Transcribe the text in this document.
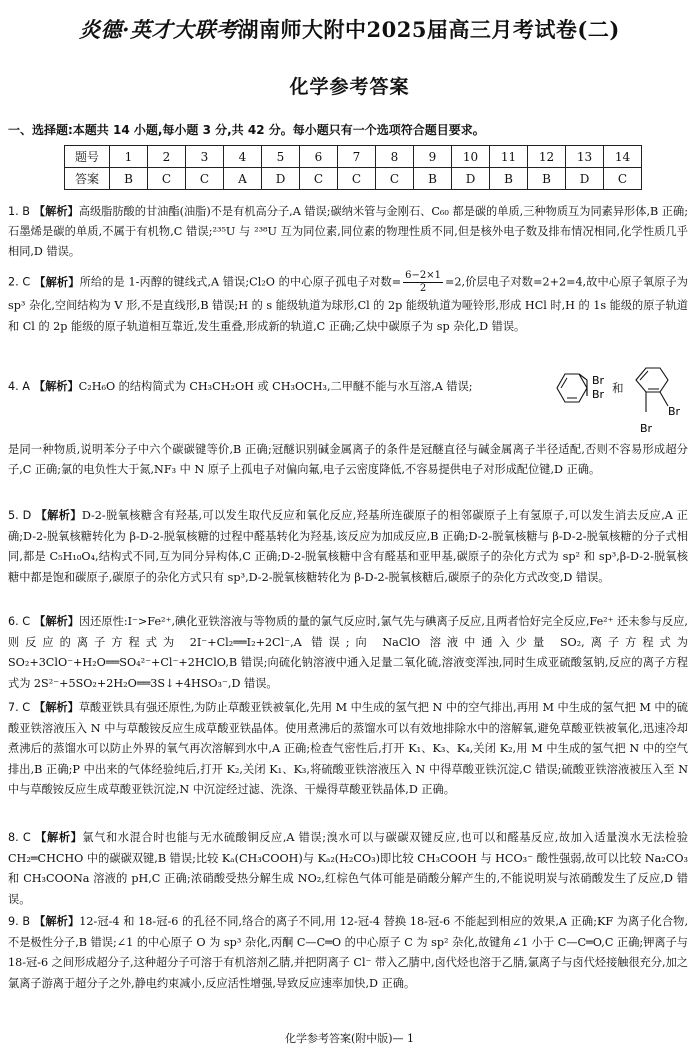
炎德·英才大联考湖南师大附中2025届高三月考试卷(二)
化学参考答案
一、选择题:本题共 14 小题,每小题 3 分,共 42 分。每小题只有一个选项符合题目要求。
题号	1	2	3	4	5	6	7	8	9	10	11	12	13	14
答案	B	C	C	A	D	C	C	C	B	D	B	B	D	C
1. B 【解析】高级脂肪酸的甘油酯(油脂)不是有机高分子,A 错误;碳纳米管与金刚石、C₆₀ 都是碳的单质,三种物质互为同素异形体,B 正确;石墨烯是碳的单质,不属于有机物,C 错误;²³⁵U 与 ²³⁸U 互为同位素,同位素的物理性质不同,但是核外电子数及排布情况相同,化学性质几乎相同,D 错误。
2. C 【解析】所给的是 1-丙醇的键线式,A 错误;Cl₂O 的中心原子孤电子对数= $\frac{6-2\times 1}{2} =2$,价层电子对数=2+2=4,故中心原子氧原子为 sp³ 杂化,空间结构为 V 形,不是直线形,B 错误;H 的 s 能级轨道为球形,Cl 的 2p 能级轨道为哑铃形,形成 HCl 时,H 的 1s 能级的原子轨道和 Cl 的 2p 能级的原子轨道相互靠近,发生重叠,形成新的轨道,C 正确;乙炔中碳原子为 sp 杂化,D 错误。
4. A 【解析】C₂H₆O 的结构简式为 CH₃CH₂OH 或 CH₃OCH₃,二甲醚不能与水互溶,A 错误;	Br
Br 和
Br
Br
是同一种物质,说明苯分子中六个碳碳键等价,B 正确;冠醚识别碱金属离子的条件是冠醚直径与碱金属离子半径适配,否则不容易形成超分子,C 正确;氯的电负性大于氮,NF₃ 中 N 原子上孤电子对偏向氟,电子云密度降低,不容易提供电子对形成配位键,D 正确。
5. D 【解析】D-2-脱氧核糖含有羟基,可以发生取代反应和氧化反应,羟基所连碳原子的相邻碳原子上有氢原子,可以发生消去反应,A 正确;D-2-脱氧核糖转化为 β-D-2-脱氧核糖的过程中醛基转化为羟基,该反应为加成反应,B 正确;D-2-脱氧核糖与 β-D-2-脱氧核糖的分子式相同,都是 C₅H₁₀O₄,结构式不同,互为同分异构体,C 正确;D-2-脱氧核糖中含有醛基和亚甲基,碳原子的杂化方式为 sp² 和 sp³,β-D-2-脱氧核糖中都是饱和碳原子,碳原子的杂化方式只有 sp³,D-2-脱氧核糖转化为 β-D-2-脱氧核糖后,碳原子的杂化方式改变,D 错误。
6. C 【解析】因还原性:I⁻>Fe²⁺,碘化亚铁溶液与等物质的量的氯气反应时,氯气先与碘离子反应,且两者恰好完全反应,Fe²⁺ 还未参与反应,则反应的离子方程式为 2I⁻+Cl₂══I₂+2Cl⁻,A 错误;向 NaClO 溶液中通入少量 SO₂,离子方程式为 SO₂+3ClO⁻+H₂O══SO₄²⁻+Cl⁻+2HClO,B 错误;向硫化钠溶液中通入足量二氧化硫,溶液变浑浊,同时生成亚硫酸氢钠,反应的离子方程式为 2S²⁻+5SO₂+2H₂O══3S↓+4HSO₃⁻,D 错误。
7. C 【解析】草酸亚铁具有强还原性,为防止草酸亚铁被氧化,先用 M 中生成的氢气把 N 中的空气排出,再用 M 中生成的氢气把 M 中的硫酸亚铁溶液压入 N 中与草酸铵反应生成草酸亚铁晶体。使用煮沸后的蒸馏水可以有效地排除水中的溶解氧,避免草酸亚铁被氧化,迅速冷却煮沸后的蒸馏水可以防止外界的氧气再次溶解到水中,A 正确;检查气密性后,打开 K₁、K₃、K₄,关闭 K₂,用 M 中生成的氢气把 N 中的空气排出,B 正确;P 中出来的气体经验纯后,打开 K₂,关闭 K₁、K₃,将硫酸亚铁溶液压入 N 中得草酸亚铁沉淀,C 错误;硫酸亚铁溶液被压入至 N 中与草酸铵反应生成草酸亚铁沉淀,N 中沉淀经过滤、洗涤、干燥得草酸亚铁晶体,D 正确。
8. C 【解析】氯气和水混合时也能与无水硫酸铜反应,A 错误;溴水可以与碳碳双键反应,也可以和醛基反应,故加入适量溴水无法检验 CH₂═CHCHO 中的碳碳双键,B 错误;比较 Kₐ(CH₃COOH)与 Kₐ₂(H₂CO₃)即比较 CH₃COOH 与 HCO₃⁻ 酸性强弱,故可以比较 Na₂CO₃ 和 CH₃COONa 溶液的 pH,C 正确;浓硝酸受热分解生成 NO₂,红棕色气体可能是硝酸分解产生的,不能说明炭与浓硝酸发生了反应,D 错误。
9. B 【解析】12-冠-4 和 18-冠-6 的孔径不同,络合的离子不同,用 12-冠-4 替换 18-冠-6 不能起到相应的效果,A 正确;KF 为离子化合物,不是极性分子,B 错误;∠1 的中心原子 O 为 sp³ 杂化,丙酮 C—C═O 的中心原子 C 为 sp² 杂化,故键角∠1 小于 C—C═O,C 正确;钾离子与 18-冠-6 之间形成超分子,这种超分子可溶于有机溶剂乙腈,并把阴离子 Cl⁻ 带入乙腈中,卤代烃也溶于乙腈,氯离子与卤代烃接触很充分,加之氯离子游离于超分子之外,静电约束减小,反应活性增强,导致反应速率加快,D 正确。
化学参考答案(附中版)— 1
